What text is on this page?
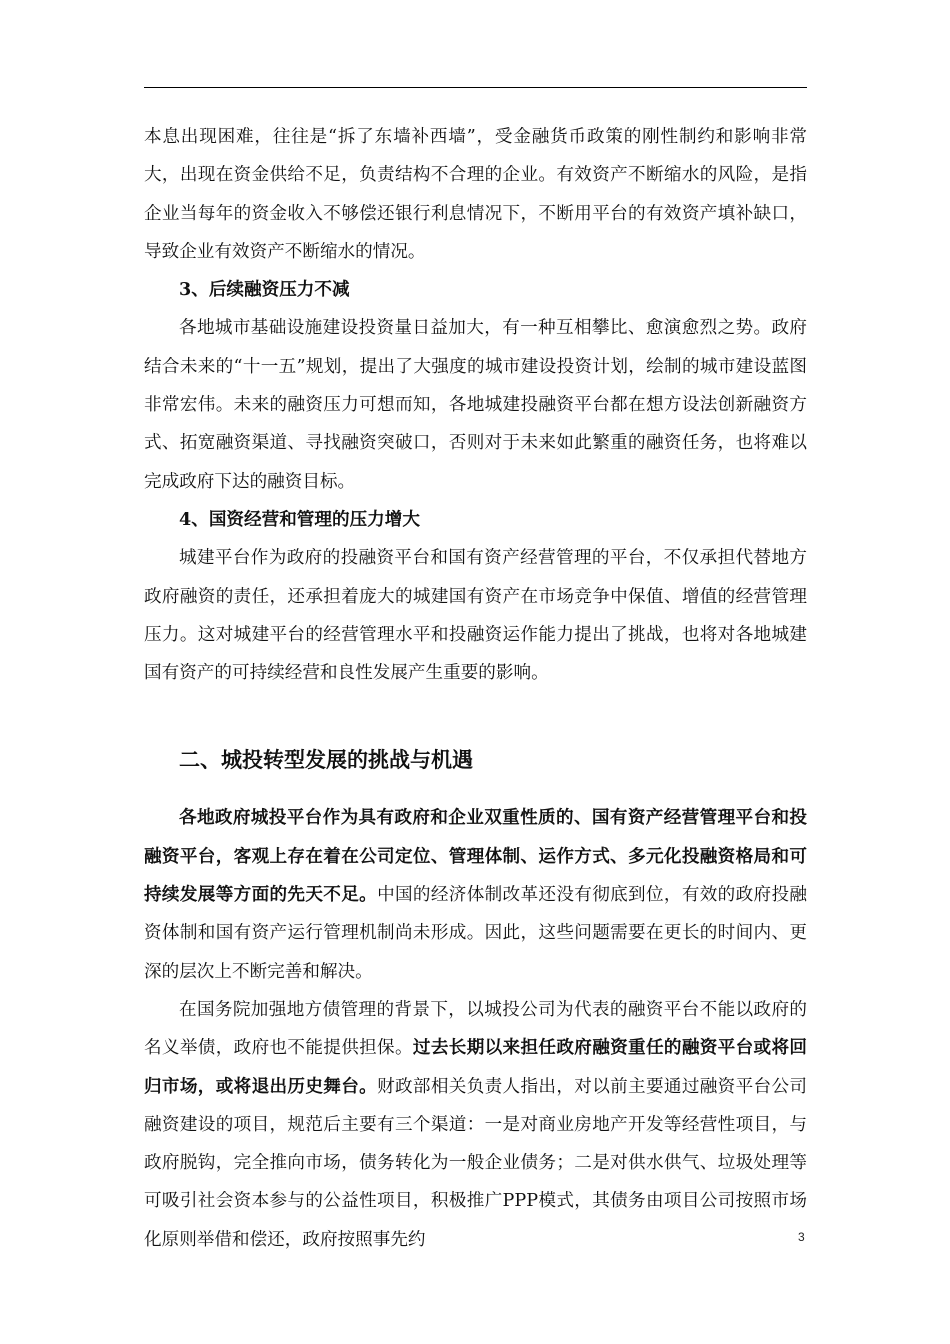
本息出现困难，往往是“拆了东墙补西墙”，受金融货币政策的刚性制约和影响非常大，出现在资金供给不足，负责结构不合理的企业。有效资产不断缩水的风险，是指企业当每年的资金收入不够偿还银行利息情况下，不断用平台的有效资产填补缺口，导致企业有效资产不断缩水的情况。

3、后续融资压力不减

各地城市基础设施建设投资量日益加大，有一种互相攀比、愈演愈烈之势。政府结合未来的“十一五”规划，提出了大强度的城市建设投资计划，绘制的城市建设蓝图非常宏伟。未来的融资压力可想而知，各地城建投融资平台都在想方设法创新融资方式、拓宽融资渠道、寻找融资突破口，否则对于未来如此繁重的融资任务，也将难以完成政府下达的融资目标。

4、国资经营和管理的压力增大

城建平台作为政府的投融资平台和国有资产经营管理的平台，不仅承担代替地方政府融资的责任，还承担着庞大的城建国有资产在市场竞争中保值、增值的经营管理压力。这对城建平台的经营管理水平和投融资运作能力提出了挑战，也将对各地城建国有资产的可持续经营和良性发展产生重要的影响。

二、城投转型发展的挑战与机遇

各地政府城投平台作为具有政府和企业双重性质的、国有资产经营管理平台和投融资平台，客观上存在着在公司定位、管理体制、运作方式、多元化投融资格局和可持续发展等方面的先天不足。中国的经济体制改革还没有彻底到位，有效的政府投融资体制和国有资产运行管理机制尚未形成。因此，这些问题需要在更长的时间内、更深的层次上不断完善和解决。

在国务院加强地方债管理的背景下，以城投公司为代表的融资平台不能以政府的名义举债，政府也不能提供担保。过去长期以来担任政府融资重任的融资平台或将回归市场，或将退出历史舞台。财政部相关负责人指出，对以前主要通过融资平台公司融资建设的项目，规范后主要有三个渠道：一是对商业房地产开发等经营性项目，与政府脱钩，完全推向市场，债务转化为一般企业债务；二是对供水供气、垃圾处理等可吸引社会资本参与的公益性项目，积极推广PPP模式，其债务由项目公司按照市场化原则举借和偿还，政府按照事先约	3
